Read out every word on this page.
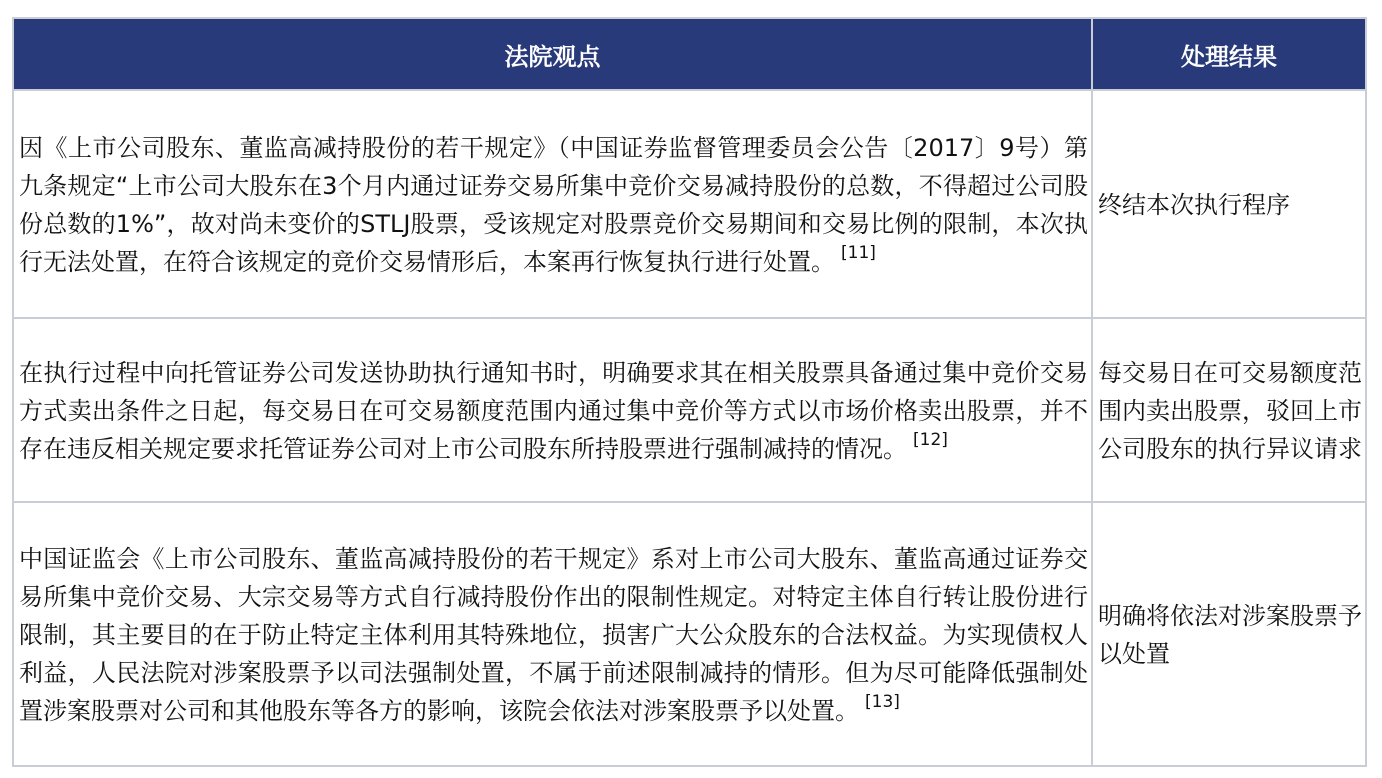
法院观点	处理结果
因《上市公司股东、董监高减持股份的若干规定》（中国证券监督管理委员会公告〔2017〕9号）第九条规定“上市公司大股东在3个月内通过证券交易所集中竞价交易减持股份的总数，不得超过公司股份总数的1%”，故对尚未变价的STLJ股票，受该规定对股票竞价交易期间和交易比例的限制，本次执行无法处置，在符合该规定的竞价交易情形后，本案再行恢复执行进行处置。 [11]	终结本次执行程序
在执行过程中向托管证券公司发送协助执行通知书时，明确要求其在相关股票具备通过集中竞价交易方式卖出条件之日起，每交易日在可交易额度范围内通过集中竞价等方式以市场价格卖出股票，并不存在违反相关规定要求托管证券公司对上市公司股东所持股票进行强制减持的情况。 [12]	每交易日在可交易额度范围内卖出股票，驳回上市公司股东的执行异议请求
中国证监会《上市公司股东、董监高减持股份的若干规定》系对上市公司大股东、董监高通过证券交易所集中竞价交易、大宗交易等方式自行减持股份作出的限制性规定。对特定主体自行转让股份进行限制，其主要目的在于防止特定主体利用其特殊地位，损害广大公众股东的合法权益。为实现债权人利益，人民法院对涉案股票予以司法强制处置，不属于前述限制减持的情形。但为尽可能降低强制处置涉案股票对公司和其他股东等各方的影响，该院会依法对涉案股票予以处置。 [13]	明确将依法对涉案股票予以处置
